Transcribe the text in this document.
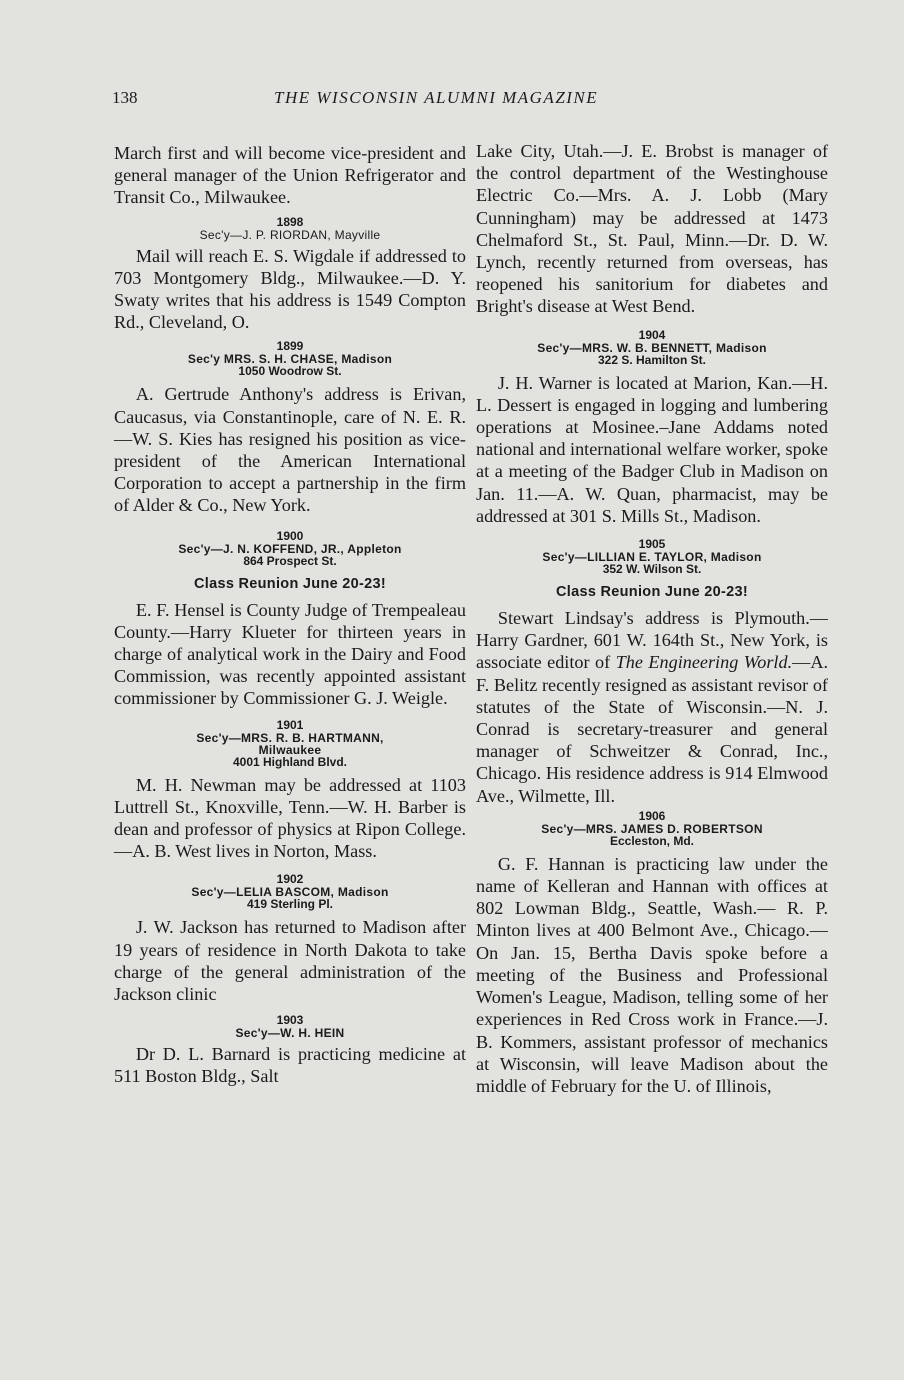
138	THE WISCONSIN ALUMNI MAGAZINE

March first and will become vice-president and general manager of the Union Refrigerator and Transit Co., Milwaukee.

1898

Sec'y—J. P. RIORDAN, Mayville

Mail will reach E. S. Wigdale if addressed to 703 Montgomery Bldg., Milwaukee.—D. Y. Swaty writes that his address is 1549 Compton Rd., Cleveland, O.

1899

Sec'y MRS. S. H. CHASE, Madison

1050 Woodrow St.

A. Gertrude Anthony's address is Erivan, Caucasus, via Constantinople, care of N. E. R.—W. S. Kies has resigned his position as vice-president of the American International Corporation to accept a partnership in the firm of Alder & Co., New York.

1900

Sec'y—J. N. KOFFEND, JR., Appleton

864 Prospect St.

Class Reunion June 20-23!

E. F. Hensel is County Judge of Trempealeau County.—Harry Klueter for thirteen years in charge of analytical work in the Dairy and Food Commission, was recently appointed assistant commissioner by Commissioner G. J. Weigle.

1901

Sec'y—MRS. R. B. HARTMANN,

Milwaukee

4001 Highland Blvd.

M. H. Newman may be addressed at 1103 Luttrell St., Knoxville, Tenn.—W. H. Barber is dean and professor of physics at Ripon College.—A. B. West lives in Norton, Mass.

1902

Sec'y—LELIA BASCOM, Madison

419 Sterling Pl.

J. W. Jackson has returned to Madison after 19 years of residence in North Dakota to take charge of the general administration of the Jackson clinic

1903

Sec'y—W. H. HEIN

Dr D. L. Barnard is practicing medicine at 511 Boston Bldg., Salt

Lake City, Utah.—J. E. Brobst is manager of the control department of the Westinghouse Electric Co.—Mrs. A. J. Lobb (Mary Cunningham) may be addressed at 1473 Chelmaford St., St. Paul, Minn.—Dr. D. W. Lynch, recently returned from overseas, has reopened his sanitorium for diabetes and Bright's disease at West Bend.

1904

Sec'y—MRS. W. B. BENNETT, Madison

322 S. Hamilton St.

J. H. Warner is located at Marion, Kan.—H. L. Dessert is engaged in logging and lumbering operations at Mosinee.–Jane Addams noted national and international welfare worker, spoke at a meeting of the Badger Club in Madison on Jan. 11.—A. W. Quan, pharmacist, may be addressed at 301 S. Mills St., Madison.

1905

Sec'y—LILLIAN E. TAYLOR, Madison

352 W. Wilson St.

Class Reunion June 20-23!

Stewart Lindsay's address is Plymouth.—Harry Gardner, 601 W. 164th St., New York, is associate editor of The Engineering World.—A. F. Belitz recently resigned as assistant revisor of statutes of the State of Wisconsin.—N. J. Conrad is secretary-treasurer and general manager of Schweitzer & Conrad, Inc., Chicago. His residence address is 914 Elmwood Ave., Wilmette, Ill.

1906

Sec'y—MRS. JAMES D. ROBERTSON

Eccleston, Md.

G. F. Hannan is practicing law under the name of Kelleran and Hannan with offices at 802 Lowman Bldg., Seattle, Wash.— R. P. Minton lives at 400 Belmont Ave., Chicago.—On Jan. 15, Bertha Davis spoke before a meeting of the Business and Professional Women's League, Madison, telling some of her experiences in Red Cross work in France.—J. B. Kommers, assistant professor of mechanics at Wisconsin, will leave Madison about the middle of February for the U. of Illinois,
